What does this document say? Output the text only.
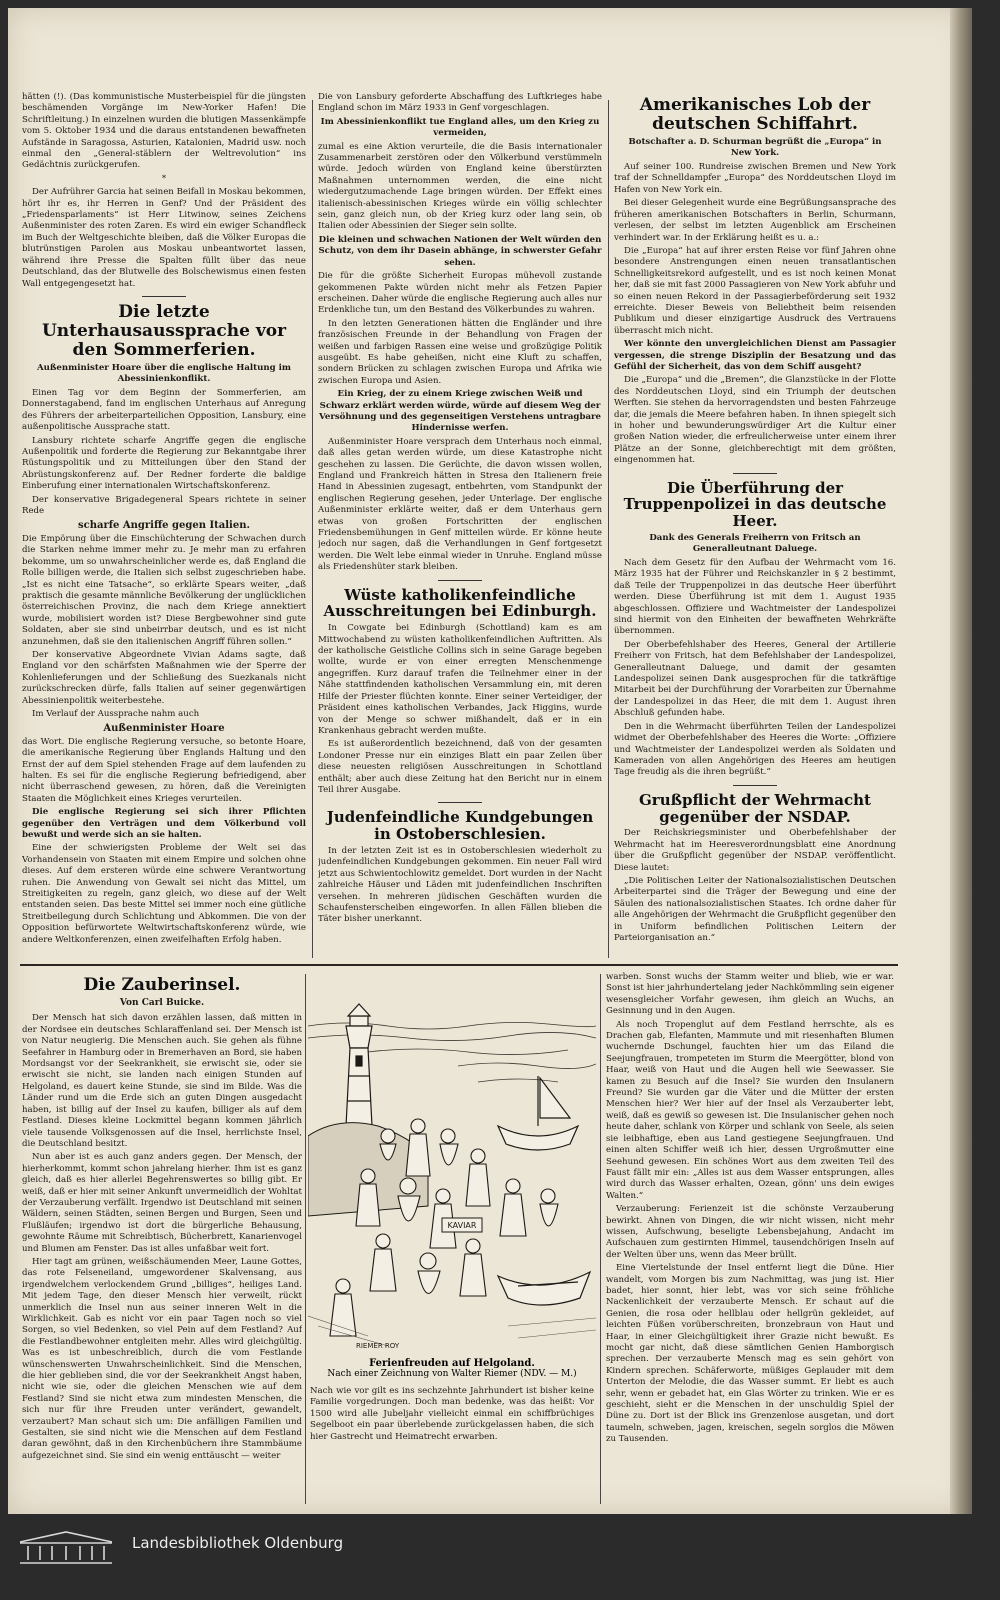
hätten (!). (Das kommunistische Musterbeispiel für die jüngsten beschämenden Vorgänge im New-Yorker Hafen! Die Schriftleitung.) In einzelnen wurden die blutigen Massenkämpfe vom 5. Oktober 1934 und die daraus entstandenen bewaffneten Aufstände in Saragossa, Asturien, Katalonien, Madrid usw. noch einmal den „General-stäblern der Weltrevolution“ ins Gedächtnis zurückgerufen.

*

Der Aufrührer Garcia hat seinen Beifall in Moskau bekommen, hört ihr es, ihr Herren in Genf? Und der Präsident des „Friedensparlaments“ ist Herr Litwinow, seines Zeichens Außenminister des roten Zaren. Es wird ein ewiger Schandfleck im Buch der Weltgeschichte bleiben, daß die Völker Europas die blutrünstigen Parolen aus Moskau unbeantwortet lassen, während ihre Presse die Spalten füllt über das neue Deutschland, das der Blutwelle des Bolschewismus einen festen Wall entgegengesetzt hat.

Die letzte Unterhausaussprache vor den Sommerferien.
Außenminister Hoare über die englische Haltung im Abessinienkonflikt.

Einen Tag vor dem Beginn der Sommerferien, am Donnerstagabend, fand im englischen Unterhaus auf Anregung des Führers der arbeiterparteilichen Opposition, Lansbury, eine außenpolitische Aussprache statt.

Lansbury richtete scharfe Angriffe gegen die englische Außenpolitik und forderte die Regierung zur Bekanntgabe ihrer Rüstungspolitik und zu Mitteilungen über den Stand der Abrüstungskonferenz auf. Der Redner forderte die baldige Einberufung einer internationalen Wirtschaftskonferenz.

Der konservative Brigadegeneral Spears richtete in seiner Rede

scharfe Angriffe gegen Italien.

Die Empörung über die Einschüchterung der Schwachen durch die Starken nehme immer mehr zu. Je mehr man zu erfahren bekomme, um so unwahrscheinlicher werde es, daß England die Rolle billigen werde, die Italien sich selbst zugeschrieben habe. „Ist es nicht eine Tatsache“, so erklärte Spears weiter, „daß praktisch die gesamte männliche Bevölkerung der unglücklichen österreichischen Provinz, die nach dem Kriege annektiert wurde, mobilisiert worden ist? Diese Bergbewohner sind gute Soldaten, aber sie sind unbeirrbar deutsch, und es ist nicht anzunehmen, daß sie den italienischen Angriff führen sollen.“

Der konservative Abgeordnete Vivian Adams sagte, daß England vor den schärfsten Maßnahmen wie der Sperre der Kohlenlieferungen und der Schließung des Suezkanals nicht zurückschrecken dürfe, falls Italien auf seiner gegenwärtigen Abessinienpolitik weiterbestehe.

Im Verlauf der Aussprache nahm auch

Außenminister Hoare

das Wort. Die englische Regierung versuche, so betonte Hoare, die amerikanische Regierung über Englands Haltung und den Ernst der auf dem Spiel stehenden Frage auf dem laufenden zu halten. Es sei für die englische Regierung befriedigend, aber nicht überraschend gewesen, zu hören, daß die Vereinigten Staaten die Möglichkeit eines Krieges verurteilen.

Die englische Regierung sei sich ihrer Pflichten gegenüber den Verträgen und dem Völkerbund voll bewußt und werde sich an sie halten.

Eine der schwierigsten Probleme der Welt sei das Vorhandensein von Staaten mit einem Empire und solchen ohne dieses. Auf dem ersteren würde eine schwere Verantwortung ruhen. Die Anwendung von Gewalt sei nicht das Mittel, um Streitigkeiten zu regeln, ganz gleich, wo diese auf der Welt entstanden seien. Das beste Mittel sei immer noch eine gütliche Streitbeilegung durch Schlichtung und Abkommen. Die von der Opposition befürwortete Weltwirtschaftskonferenz würde, wie andere Weltkonferenzen, einen zweifelhaften Erfolg haben.

Die von Lansbury geforderte Abschaffung des Luftkrieges habe England schon im März 1933 in Genf vorgeschlagen.

Im Abessinienkonflikt tue England alles, um den Krieg zu vermeiden,

zumal es eine Aktion verurteile, die die Basis internationaler Zusammenarbeit zerstören oder den Völkerbund verstümmeln würde. Jedoch würden von England keine überstürzten Maßnahmen unternommen werden, die eine nicht wiedergutzumachende Lage bringen würden. Der Effekt eines italienisch-abessinischen Krieges würde ein völlig schlechter sein, ganz gleich nun, ob der Krieg kurz oder lang sein, ob Italien oder Abessinien der Sieger sein sollte.

Die kleinen und schwachen Nationen der Welt würden den Schutz, von dem ihr Dasein abhänge, in schwerster Gefahr sehen.

Die für die größte Sicherheit Europas mühevoll zustande gekommenen Pakte würden nicht mehr als Fetzen Papier erscheinen. Daher würde die englische Regierung auch alles nur Erdenkliche tun, um den Bestand des Völkerbundes zu wahren.

In den letzten Generationen hätten die Engländer und ihre französischen Freunde in der Behandlung von Fragen der weißen und farbigen Rassen eine weise und großzügige Politik ausgeübt. Es habe geheißen, nicht eine Kluft zu schaffen, sondern Brücken zu schlagen zwischen Europa und Afrika wie zwischen Europa und Asien.

Ein Krieg, der zu einem Kriege zwischen Weiß und Schwarz erklärt werden würde, würde auf diesem Weg der Versöhnung und des gegenseitigen Verstehens untragbare Hindernisse werfen.

Außenminister Hoare versprach dem Unterhaus noch einmal, daß alles getan werden würde, um diese Katastrophe nicht geschehen zu lassen. Die Gerüchte, die davon wissen wollen, England und Frankreich hätten in Stresa den Italienern freie Hand in Abessinien zugesagt, entbehrten, vom Standpunkt der englischen Regierung gesehen, jeder Unterlage. Der englische Außenminister erklärte weiter, daß er dem Unterhaus gern etwas von großen Fortschritten der englischen Friedensbemühungen in Genf mitteilen würde. Er könne heute jedoch nur sagen, daß die Verhandlungen in Genf fortgesetzt werden. Die Welt lebe einmal wieder in Unruhe. England müsse als Friedenshüter stark bleiben.

Wüste katholikenfeindliche Ausschreitungen bei Edinburgh.

In Cowgate bei Edinburgh (Schottland) kam es am Mittwochabend zu wüsten katholikenfeindlichen Auftritten. Als der katholische Geistliche Collins sich in seine Garage begeben wollte, wurde er von einer erregten Menschenmenge angegriffen. Kurz darauf trafen die Teilnehmer einer in der Nähe stattfindenden katholischen Versammlung ein, mit deren Hilfe der Priester flüchten konnte. Einer seiner Verteidiger, der Präsident eines katholischen Verbandes, Jack Higgins, wurde von der Menge so schwer mißhandelt, daß er in ein Krankenhaus gebracht werden mußte.

Es ist außerordentlich bezeichnend, daß von der gesamten Londoner Presse nur ein einziges Blatt ein paar Zeilen über diese neuesten religiösen Ausschreitungen in Schottland enthält; aber auch diese Zeitung hat den Bericht nur in einem Teil ihrer Ausgabe.

Judenfeindliche Kundgebungen in Ostoberschlesien.

In der letzten Zeit ist es in Ostoberschlesien wiederholt zu judenfeindlichen Kundgebungen gekommen. Ein neuer Fall wird jetzt aus Schwientochlowitz gemeldet. Dort wurden in der Nacht zahlreiche Häuser und Läden mit judenfeindlichen Inschriften versehen. In mehreren jüdischen Geschäften wurden die Schaufensterscheiben eingeworfen. In allen Fällen blieben die Täter bisher unerkannt.

Amerikanisches Lob der deutschen Schiffahrt.
Botschafter a. D. Schurman begrüßt die „Europa“ in New York.

Auf seiner 100. Rundreise zwischen Bremen und New York traf der Schnelldampfer „Europa“ des Norddeutschen Lloyd im Hafen von New York ein.

Bei dieser Gelegenheit wurde eine Begrüßungsansprache des früheren amerikanischen Botschafters in Berlin, Schurmann, verlesen, der selbst im letzten Augenblick am Erscheinen verhindert war. In der Erklärung heißt es u. a.:

Die „Europa“ hat auf ihrer ersten Reise vor fünf Jahren ohne besondere Anstrengungen einen neuen transatlantischen Schnelligkeitsrekord aufgestellt, und es ist noch keinen Monat her, daß sie mit fast 2000 Passagieren von New York abfuhr und so einen neuen Rekord in der Passagierbeförderung seit 1932 erreichte. Dieser Beweis von Beliebtheit beim reisenden Publikum und dieser einzigartige Ausdruck des Vertrauens überrascht mich nicht.

Wer könnte den unvergleichlichen Dienst am Passagier vergessen, die strenge Disziplin der Besatzung und das Gefühl der Sicherheit, das von dem Schiff ausgeht?

Die „Europa“ und die „Bremen“, die Glanzstücke in der Flotte des Norddeutschen Lloyd, sind ein Triumph der deutschen Werften. Sie stehen da hervorragendsten und besten Fahrzeuge dar, die jemals die Meere befahren haben. In ihnen spiegelt sich in hoher und bewunderungswürdiger Art die Kultur einer großen Nation wieder, die erfreulicherweise unter einem ihrer Plätze an der Sonne, gleichberechtigt mit dem größten, eingenommen hat.

Die Überführung der Truppenpolizei in das deutsche Heer.
Dank des Generals Freiherrn von Fritsch an Generalleutnant Daluege.

Nach dem Gesetz für den Aufbau der Wehrmacht vom 16. März 1935 hat der Führer und Reichskanzler in § 2 bestimmt, daß Teile der Truppenpolizei in das deutsche Heer überführt werden. Diese Überführung ist mit dem 1. August 1935 abgeschlossen. Offiziere und Wachtmeister der Landespolizei sind hiermit von den Einheiten der bewaffneten Wehrkräfte übernommen.

Der Oberbefehlshaber des Heeres, General der Artillerie Freiherr von Fritsch, hat dem Befehlshaber der Landespolizei, Generalleutnant Daluege, und damit der gesamten Landespolizei seinen Dank ausgesprochen für die tatkräftige Mitarbeit bei der Durchführung der Vorarbeiten zur Übernahme der Landespolizei in das Heer, die mit dem 1. August ihren Abschluß gefunden habe.

Den in die Wehrmacht überführten Teilen der Landespolizei widmet der Oberbefehlshaber des Heeres die Worte: „Offiziere und Wachtmeister der Landespolizei werden als Soldaten und Kameraden von allen Angehörigen des Heeres am heutigen Tage freudig als die ihren begrüßt.“

Grußpflicht der Wehrmacht gegenüber der NSDAP.

Der Reichskriegsminister und Oberbefehlshaber der Wehrmacht hat im Heeresverordnungsblatt eine Anordnung über die Grußpflicht gegenüber der NSDAP. veröffentlicht. Diese lautet:

„Die Politischen Leiter der Nationalsozialistischen Deutschen Arbeiterpartei sind die Träger der Bewegung und eine der Säulen des nationalsozialistischen Staates. Ich ordne daher für alle Angehörigen der Wehrmacht die Grußpflicht gegenüber den in Uniform befindlichen Politischen Leitern der Parteiorganisation an.“

Die Zauberinsel.
Von Carl Buicke.

Der Mensch hat sich davon erzählen lassen, daß mitten in der Nordsee ein deutsches Schlaraffenland sei. Der Mensch ist von Natur neugierig. Die Menschen auch. Sie gehen als fühne Seefahrer in Hamburg oder in Bremerhaven an Bord, sie haben Mordsangst vor der Seekrankheit, sie erwischt sie, oder sie erwischt sie nicht, sie landen nach einigen Stunden auf Helgoland, es dauert keine Stunde, sie sind im Bilde. Was die Länder rund um die Erde sich an guten Dingen ausgedacht haben, ist billig auf der Insel zu kaufen, billiger als auf dem Festland. Dieses kleine Lockmittel begann kommen jährlich viele tausende Volksgenossen auf die Insel, herrlichste Insel, die Deutschland besitzt.

Nun aber ist es auch ganz anders gegen. Der Mensch, der hierherkommt, kommt schon jahrelang hierher. Ihm ist es ganz gleich, daß es hier allerlei Begehrenswertes so billig gibt. Er weiß, daß er hier mit seiner Ankunft unvermeidlich der Wohltat der Verzauberung verfällt. Irgendwo ist Deutschland mit seinen Wäldern, seinen Städten, seinen Bergen und Burgen, Seen und Flußläufen; irgendwo ist dort die bürgerliche Behausung, gewohnte Räume mit Schreibtisch, Bücherbrett, Kanarienvogel und Blumen am Fenster. Das ist alles unfaßbar weit fort.

Hier tagt am grünen, weißschäumenden Meer, Laune Gottes, das rote Felseneiland, umgewordener Skalvensang, aus irgendwelchem verlockendem Grund „billiges“, heiliges Land. Mit jedem Tage, den dieser Mensch hier verweilt, rückt unmerklich die Insel nun aus seiner inneren Welt in die Wirklichkeit. Gab es nicht vor ein paar Tagen noch so viel Sorgen, so viel Bedenken, so viel Pein auf dem Festland? Auf die Festlandbewohner entgleiten mehr. Alles wird gleichgültig. Was es ist unbeschreiblich, durch die vom Festlande wünschenswerten Unwahrscheinlichkeit. Sind die Menschen, die hier geblieben sind, die vor der Seekrankheit Angst haben, nicht wie sie, oder die gleichen Menschen wie auf dem Festland? Sind sie nicht etwa zum mindesten Menschen, die sich nur für ihre Freuden unter verändert, gewandelt, verzaubert? Man schaut sich um: Die anfälligen Familien und Gestalten, sie sind nicht wie die Menschen auf dem Festland daran gewöhnt, daß in den Kirchenbüchern ihre Stammbäume aufgezeichnet sind. Sie sind ein wenig enttäuscht — weiter

KAVIAR
RIEMER ROY
Ferienfreuden auf Helgoland.
Nach einer Zeichnung von Walter Riemer (NDV. — M.)

Nach wie vor gilt es ins sechzehnte Jahrhundert ist bisher keine Familie vorgedrungen. Doch man bedenke, was das heißt: Vor 1500 wird alle Jubeljahr vielleicht einmal ein schiffbrüchiges Segelboot ein paar überlebende zurückgelassen haben, die sich hier Gastrecht und Heimatrecht erwarben.

warben. Sonst wuchs der Stamm weiter und blieb, wie er war. Sonst ist hier jahrhundertelang jeder Nachkömmling sein eigener wesensgleicher Vorfahr gewesen, ihm gleich an Wuchs, an Gesinnung und in den Augen.

Als noch Tropenglut auf dem Festland herrschte, als es Drachen gab, Elefanten, Mammute und mit riesenhaften Blumen wuchernde Dschungel, fauchten hier um das Eiland die Seejungfrauen, trompeteten im Sturm die Meergötter, blond von Haar, weiß von Haut und die Augen hell wie Seewasser. Sie kamen zu Besuch auf die Insel? Sie wurden den Insulanern Freund? Sie wurden gar die Väter und die Mütter der ersten Menschen hier? Wer hier auf der Insel als Verzauberter lebt, weiß, daß es gewiß so gewesen ist. Die Insulanischer gehen noch heute daher, schlank von Körper und schlank von Seele, als seien sie leibhaftige, eben aus Land gestiegene Seejungfrauen. Und einen alten Schiffer weiß ich hier, dessen Urgroßmutter eine Seehund gewesen. Ein schönes Wort aus dem zweiten Teil des Faust fällt mir ein: „Alles ist aus dem Wasser entsprungen, alles wird durch das Wasser erhalten, Ozean, gönn' uns dein ewiges Walten.“

Verzauberung: Ferienzeit ist die schönste Verzauberung bewirkt. Ahnen von Dingen, die wir nicht wissen, nicht mehr wissen, Aufschwung, beseligte Lebensbejahung, Andacht im Aufschauen zum gestirnten Himmel, tausendchörigen Inseln auf der Welten über uns, wenn das Meer brüllt.

Eine Viertelstunde der Insel entfernt liegt die Düne. Hier wandelt, vom Morgen bis zum Nachmittag, was jung ist. Hier badet, hier sonnt, hier lebt, was vor sich seine fröhliche Nackenlichkeit der verzauberte Mensch. Er schaut auf die Genien, die rosa oder hellblau oder hellgrün gekleidet, auf leichten Füßen vorüberschreiten, bronzebraun von Haut und Haar, in einer Gleichgültigkeit ihrer Grazie nicht bewußt. Es mocht gar nicht, daß diese sämtlichen Genien Hamborgisch sprechen. Der verzauberte Mensch mag es sein gehört von Kindern sprechen. Schäferworte, müßiges Geplauder mit dem Unterton der Melodie, die das Wasser summt. Er liebt es auch sehr, wenn er gebadet hat, ein Glas Wörter zu trinken. Wie er es geschieht, sieht er die Menschen in der unschuldig Spiel der Düne zu. Dort ist der Blick ins Grenzenlose ausgetan, und dort taumeln, schweben, jagen, kreischen, segeln sorglos die Möwen zu Tausenden.

Landesbibliothek Oldenburg
